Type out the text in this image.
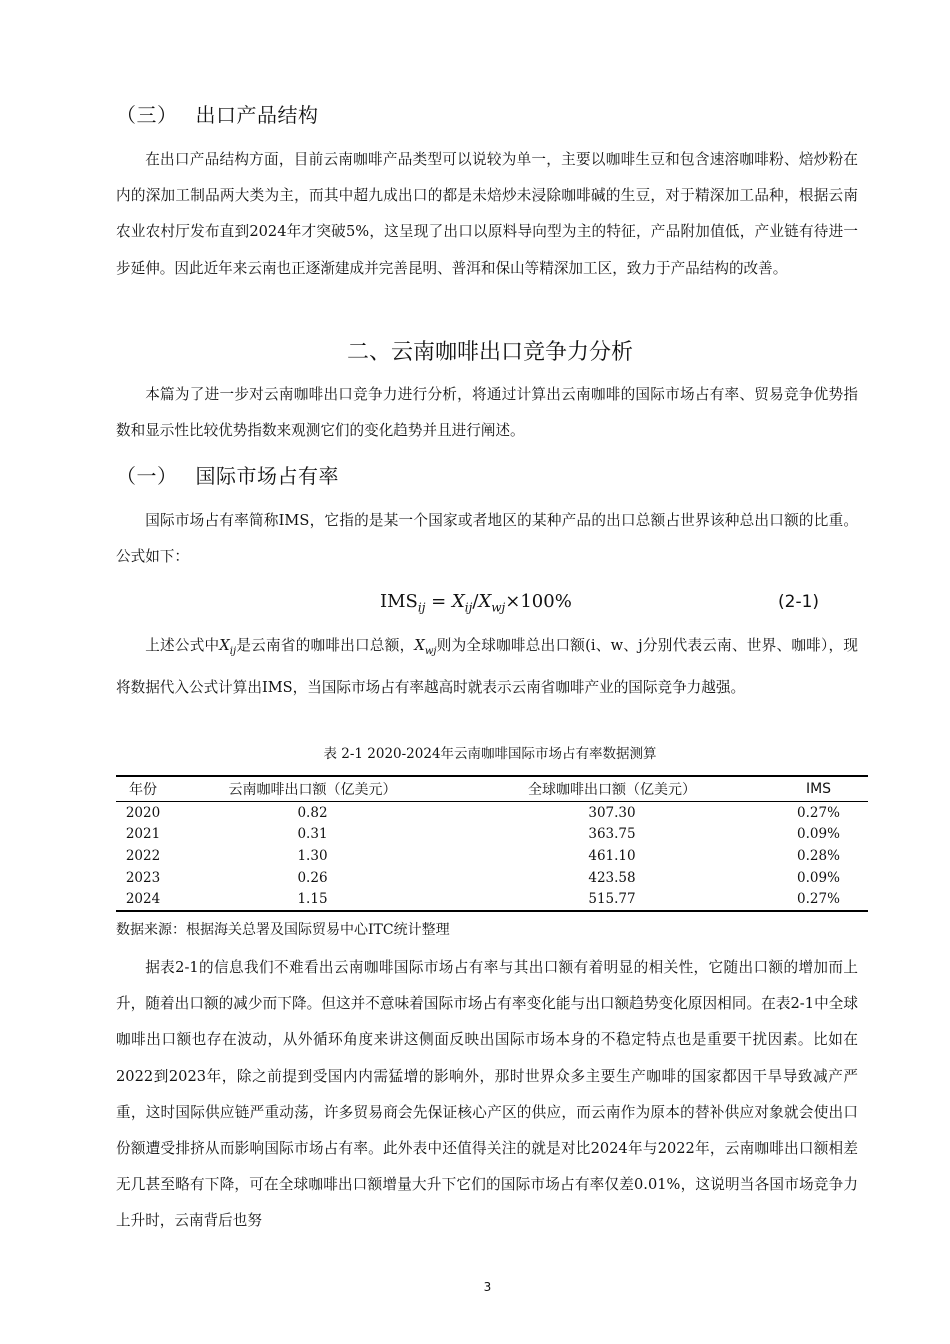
（三） 出口产品结构

在出口产品结构方面，目前云南咖啡产品类型可以说较为单一，主要以咖啡生豆和包含速溶咖啡粉、焙炒粉在内的深加工制品两大类为主，而其中超九成出口的都是未焙炒未浸除咖啡碱的生豆，对于精深加工品种，根据云南农业农村厅发布直到2024年才突破5%，这呈现了出口以原料导向型为主的特征，产品附加值低，产业链有待进一步延伸。因此近年来云南也正逐渐建成并完善昆明、普洱和保山等精深加工区，致力于产品结构的改善。

二、云南咖啡出口竞争力分析

本篇为了进一步对云南咖啡出口竞争力进行分析，将通过计算出云南咖啡的国际市场占有率、贸易竞争优势指数和显示性比较优势指数来观测它们的变化趋势并且进行阐述。

（一） 国际市场占有率

国际市场占有率简称IMS，它指的是某一个国家或者地区的某种产品的出口总额占世界该种总出口额的比重。公式如下：

$IMS_{ij} = X_{ij}/X_{wj}\times 100\%$	(2-1)

上述公式中$X_{ij}$是云南省的咖啡出口总额，$X_{wj}$则为全球咖啡总出口额(i、w、j分别代表云南、世界、咖啡），现将数据代入公式计算出IMS，当国际市场占有率越高时就表示云南省咖啡产业的国际竞争力越强。

表 2-1 2020-2024年云南咖啡国际市场占有率数据测算
年份	云南咖啡出口额（亿美元）	全球咖啡出口额（亿美元）	IMS
2020	0.82	307.30	0.27%
2021	0.31	363.75	0.09%
2022	1.30	461.10	0.28%
2023	0.26	423.58	0.09%
2024	1.15	515.77	0.27%
数据来源：根据海关总署及国际贸易中心ITC统计整理

据表2-1的信息我们不难看出云南咖啡国际市场占有率与其出口额有着明显的相关性，它随出口额的增加而上升，随着出口额的减少而下降。但这并不意味着国际市场占有率变化能与出口额趋势变化原因相同。在表2-1中全球咖啡出口额也存在波动，从外循环角度来讲这侧面反映出国际市场本身的不稳定特点也是重要干扰因素。比如在2022到2023年，除之前提到受国内内需猛增的影响外，那时世界众多主要生产咖啡的国家都因干旱导致减产严重，这时国际供应链严重动荡，许多贸易商会先保证核心产区的供应，而云南作为原本的替补供应对象就会使出口份额遭受排挤从而影响国际市场占有率。此外表中还值得关注的就是对比2024年与2022年，云南咖啡出口额相差无几甚至略有下降，可在全球咖啡出口额增量大升下它们的国际市场占有率仅差0.01%，这说明当各国市场竞争力上升时，云南背后也努

3
